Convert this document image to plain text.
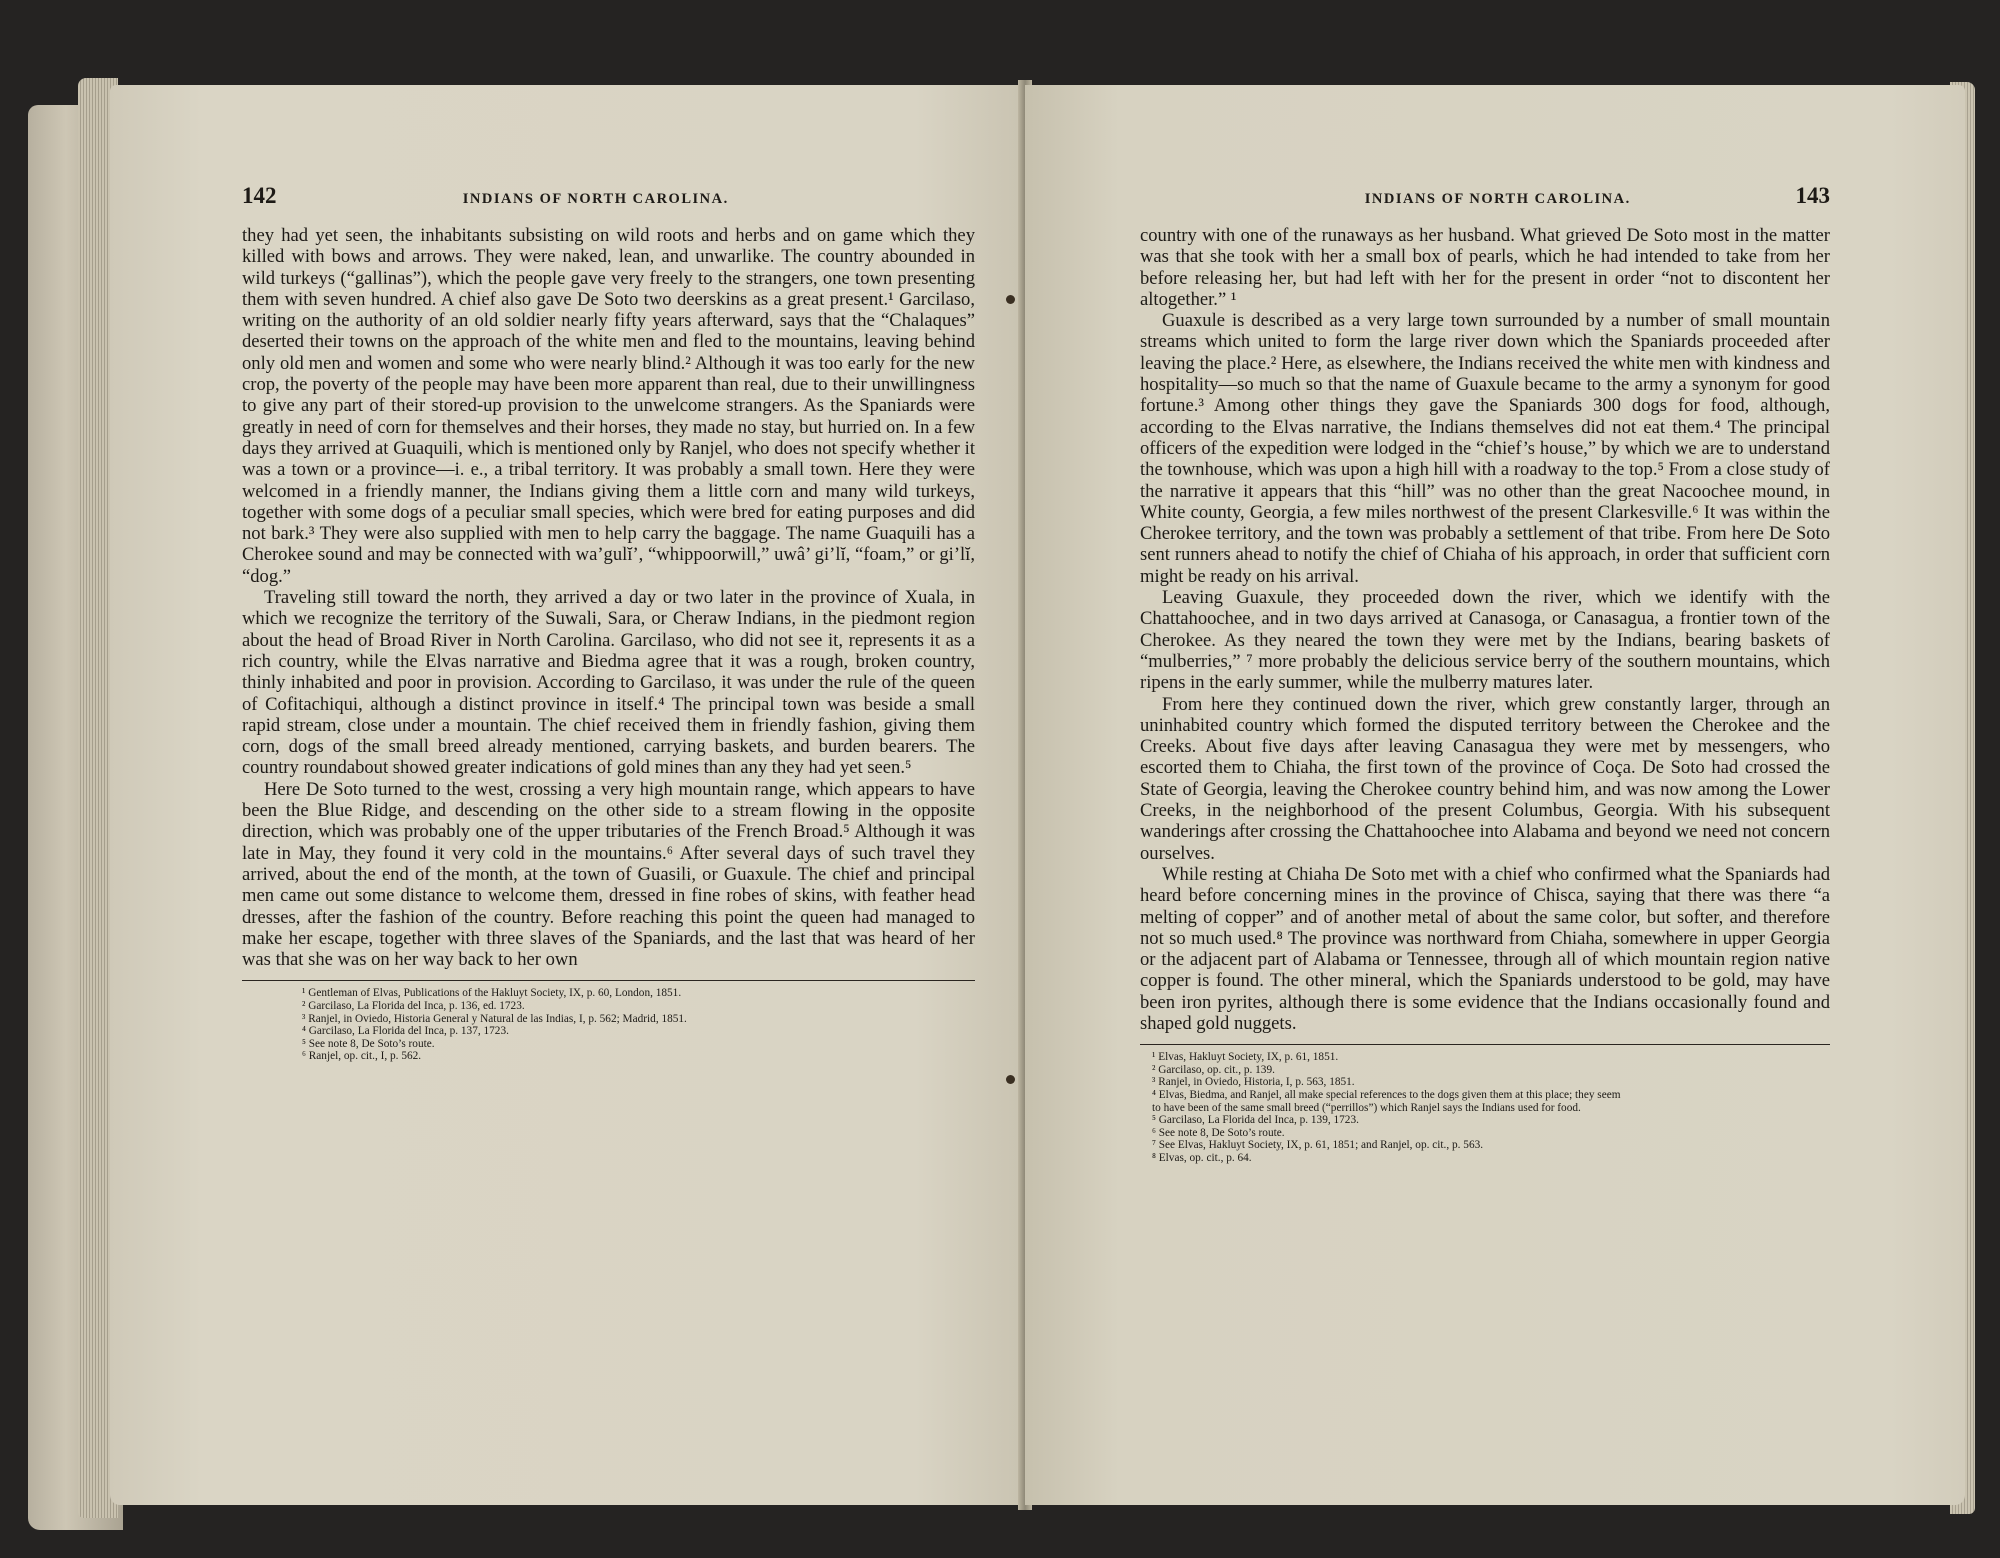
142	INDIANS OF NORTH CAROLINA.

they had yet seen, the inhabitants subsisting on wild roots and herbs and on game which they killed with bows and arrows. They were naked, lean, and unwarlike. The country abounded in wild turkeys (“gallinas”), which the people gave very freely to the strangers, one town presenting them with seven hundred. A chief also gave De Soto two deerskins as a great present.¹ Garcilaso, writing on the authority of an old soldier nearly fifty years afterward, says that the “Chalaques” deserted their towns on the approach of the white men and fled to the mountains, leaving behind only old men and women and some who were nearly blind.² Although it was too early for the new crop, the poverty of the people may have been more apparent than real, due to their unwillingness to give any part of their stored-up provision to the unwelcome strangers. As the Spaniards were greatly in need of corn for themselves and their horses, they made no stay, but hurried on. In a few days they arrived at Guaquili, which is mentioned only by Ranjel, who does not specify whether it was a town or a province—i. e., a tribal territory. It was probably a small town. Here they were welcomed in a friendly manner, the Indians giving them a little corn and many wild turkeys, together with some dogs of a peculiar small species, which were bred for eating purposes and did not bark.³ They were also supplied with men to help carry the baggage. The name Guaquili has a Cherokee sound and may be connected with wa’gulĭ’, “whippoorwill,” uwâ’ gi’lĭ, “foam,” or gi’lĭ, “dog.”

Traveling still toward the north, they arrived a day or two later in the province of Xuala, in which we recognize the territory of the Suwali, Sara, or Cheraw Indians, in the piedmont region about the head of Broad River in North Carolina. Garcilaso, who did not see it, represents it as a rich country, while the Elvas narrative and Biedma agree that it was a rough, broken country, thinly inhabited and poor in provision. According to Garcilaso, it was under the rule of the queen of Cofitachiqui, although a distinct province in itself.⁴ The principal town was beside a small rapid stream, close under a mountain. The chief received them in friendly fashion, giving them corn, dogs of the small breed already mentioned, carrying baskets, and burden bearers. The country roundabout showed greater indications of gold mines than any they had yet seen.⁵

Here De Soto turned to the west, crossing a very high mountain range, which appears to have been the Blue Ridge, and descending on the other side to a stream flowing in the opposite direction, which was probably one of the upper tributaries of the French Broad.⁵ Although it was late in May, they found it very cold in the mountains.⁶ After several days of such travel they arrived, about the end of the month, at the town of Guasili, or Guaxule. The chief and principal men came out some distance to welcome them, dressed in fine robes of skins, with feather head dresses, after the fashion of the country. Before reaching this point the queen had managed to make her escape, together with three slaves of the Spaniards, and the last that was heard of her was that she was on her way back to her own

¹ Gentleman of Elvas, Publications of the Hakluyt Society, IX, p. 60, London, 1851.
² Garcilaso, La Florida del Inca, p. 136, ed. 1723.
³ Ranjel, in Oviedo, Historia General y Natural de las Indias, I, p. 562; Madrid, 1851.
⁴ Garcilaso, La Florida del Inca, p. 137, 1723.
⁵ See note 8, De Soto’s route.
⁶ Ranjel, op. cit., I, p. 562.
INDIANS OF NORTH CAROLINA.	143

country with one of the runaways as her husband. What grieved De Soto most in the matter was that she took with her a small box of pearls, which he had intended to take from her before releasing her, but had left with her for the present in order “not to discontent her altogether.” ¹

Guaxule is described as a very large town surrounded by a number of small mountain streams which united to form the large river down which the Spaniards proceeded after leaving the place.² Here, as elsewhere, the Indians received the white men with kindness and hospitality—so much so that the name of Guaxule became to the army a synonym for good fortune.³ Among other things they gave the Spaniards 300 dogs for food, although, according to the Elvas narrative, the Indians themselves did not eat them.⁴ The principal officers of the expedition were lodged in the “chief’s house,” by which we are to understand the townhouse, which was upon a high hill with a roadway to the top.⁵ From a close study of the narrative it appears that this “hill” was no other than the great Nacoochee mound, in White county, Georgia, a few miles northwest of the present Clarkesville.⁶ It was within the Cherokee territory, and the town was probably a settlement of that tribe. From here De Soto sent runners ahead to notify the chief of Chiaha of his approach, in order that sufficient corn might be ready on his arrival.

Leaving Guaxule, they proceeded down the river, which we identify with the Chattahoochee, and in two days arrived at Canasoga, or Canasagua, a frontier town of the Cherokee. As they neared the town they were met by the Indians, bearing baskets of “mulberries,” ⁷ more probably the delicious service berry of the southern mountains, which ripens in the early summer, while the mulberry matures later.

From here they continued down the river, which grew constantly larger, through an uninhabited country which formed the disputed territory between the Cherokee and the Creeks. About five days after leaving Canasagua they were met by messengers, who escorted them to Chiaha, the first town of the province of Coça. De Soto had crossed the State of Georgia, leaving the Cherokee country behind him, and was now among the Lower Creeks, in the neighborhood of the present Columbus, Georgia. With his subsequent wanderings after crossing the Chattahoochee into Alabama and beyond we need not concern ourselves.

While resting at Chiaha De Soto met with a chief who confirmed what the Spaniards had heard before concerning mines in the province of Chisca, saying that there was there “a melting of copper” and of another metal of about the same color, but softer, and therefore not so much used.⁸ The province was northward from Chiaha, somewhere in upper Georgia or the adjacent part of Alabama or Tennessee, through all of which mountain region native copper is found. The other mineral, which the Spaniards understood to be gold, may have been iron pyrites, although there is some evidence that the Indians occasionally found and shaped gold nuggets.

¹ Elvas, Hakluyt Society, IX, p. 61, 1851.
² Garcilaso, op. cit., p. 139.
³ Ranjel, in Oviedo, Historia, I, p. 563, 1851.
⁴ Elvas, Biedma, and Ranjel, all make special references to the dogs given them at this place; they seem
to have been of the same small breed (“perrillos”) which Ranjel says the Indians used for food.
⁵ Garcilaso, La Florida del Inca, p. 139, 1723.
⁶ See note 8, De Soto’s route.
⁷ See Elvas, Hakluyt Society, IX, p. 61, 1851; and Ranjel, op. cit., p. 563.
⁸ Elvas, op. cit., p. 64.
